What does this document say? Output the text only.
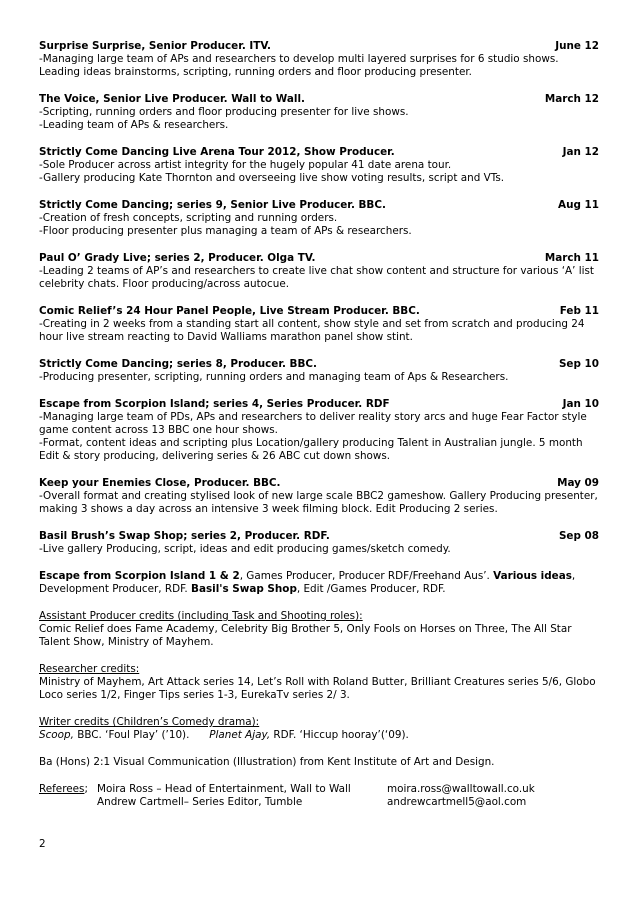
Surprise Surprise, Senior Producer. ITV.	June 12
-Managing large team of APs and researchers to develop multi layered surprises for 6 studio shows. Leading ideas brainstorms, scripting, running orders and floor producing presenter.
The Voice, Senior Live Producer. Wall to Wall.	March 12
-Scripting, running orders and floor producing presenter for live shows.
-Leading team of APs & researchers.
Strictly Come Dancing Live Arena Tour 2012, Show Producer.	Jan 12
-Sole Producer across artist integrity for the hugely popular 41 date arena tour.
-Gallery producing Kate Thornton and overseeing live show voting results, script and VTs.
Strictly Come Dancing; series 9, Senior Live Producer. BBC.	Aug 11
-Creation of fresh concepts, scripting and running orders.
-Floor producing presenter plus managing a team of APs & researchers.
Paul O’ Grady Live; series 2, Producer. Olga TV.	March 11
-Leading 2 teams of AP’s and researchers to create live chat show content and structure for various ‘A’ list celebrity chats. Floor producing/across autocue.
Comic Relief’s 24 Hour Panel People, Live Stream Producer. BBC.	Feb 11
-Creating in 2 weeks from a standing start all content, show style and set from scratch and producing 24 hour live stream reacting to David Walliams marathon panel show stint.
Strictly Come Dancing; series 8, Producer. BBC.	Sep 10
-Producing presenter, scripting, running orders and managing team of Aps & Researchers.
Escape from Scorpion Island; series 4, Series Producer. RDF	Jan 10
-Managing large team of PDs, APs and researchers to deliver reality story arcs and huge Fear Factor style game content across 13 BBC one hour shows.
-Format, content ideas and scripting plus Location/gallery producing Talent in Australian jungle. 5 month Edit & story producing, delivering series & 26 ABC cut down shows.
Keep your Enemies Close, Producer. BBC.	May 09
-Overall format and creating stylised look of new large scale BBC2 gameshow. Gallery Producing presenter, making 3 shows a day across an intensive 3 week filming block. Edit Producing 2 series.
Basil Brush’s Swap Shop; series 2, Producer. RDF.	Sep 08
-Live gallery Producing, script, ideas and edit producing games/sketch comedy.
Escape from Scorpion Island 1 & 2, Games Producer, Producer RDF/Freehand Aus’. Various ideas, Development Producer, RDF. Basil's Swap Shop, Edit /Games Producer, RDF.
Assistant Producer credits (including Task and Shooting roles):
Comic Relief does Fame Academy, Celebrity Big Brother 5, Only Fools on Horses on Three, The All Star Talent Show, Ministry of Mayhem.
Researcher credits:
Ministry of Mayhem, Art Attack series 14, Let’s Roll with Roland Butter, Brilliant Creatures series 5/6, Globo Loco series 1/2, Finger Tips series 1-3, EurekaTv series 2/ 3.
Writer credits (Children’s Comedy drama):
Scoop, BBC. ‘Foul Play’ (’10).      Planet Ajay, RDF. ‘Hiccup hooray’(‘09).
Ba (Hons) 2:1 Visual Communication (Illustration) from Kent Institute of Art and Design.
Referees; Moira Ross – Head of Entertainment, Wall to Wall	moira.ross@walltowall.co.uk
Andrew Cartmell– Series Editor, Tumble	andrewcartmell5@aol.com
2
